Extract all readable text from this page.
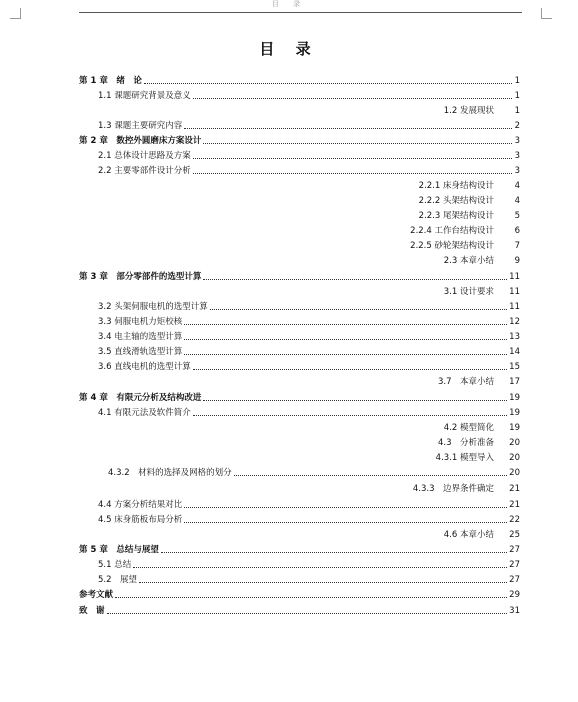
目 录
目 录
第 1 章　绪　论	1
1.1 课题研究背景及意义	1
1.2 发展现状 1
1.3 课题主要研究内容	2
第 2 章　数控外圆磨床方案设计	3
2.1 总体设计思路及方案	3
2.2 主要零部件设计分析	3
2.2.1 床身结构设计 4
2.2.2 头架结构设计 4
2.2.3 尾架结构设计 5
2.2.4 工作台结构设计 6
2.2.5 砂轮架结构设计 7
2.3 本章小结 9
第 3 章　部分零部件的选型计算	11
3.1 设计要求 11
3.2 头架伺服电机的选型计算	11
3.3 伺服电机力矩校核	12
3.4 电主轴的选型计算	13
3.5 直线滑轨选型计算	14
3.6 直线电机的选型计算	15
3.7　本章小结 17
第 4 章　有限元分析及结构改进	19
4.1 有限元法及软件简介	19
4.2 模型简化 19
4.3　分析准备 20
4.3.1 模型导入 20
4.3.2　材料的选择及网格的划分	20
4.3.3　边界条件确定 21
4.4 方案分析结果对比	21
4.5 床身筋板布局分析	22
4.6 本章小结 25
第 5 章　总结与展望	27
5.1 总结	27
5.2　展望	27
参考文献	29
致　谢	31
